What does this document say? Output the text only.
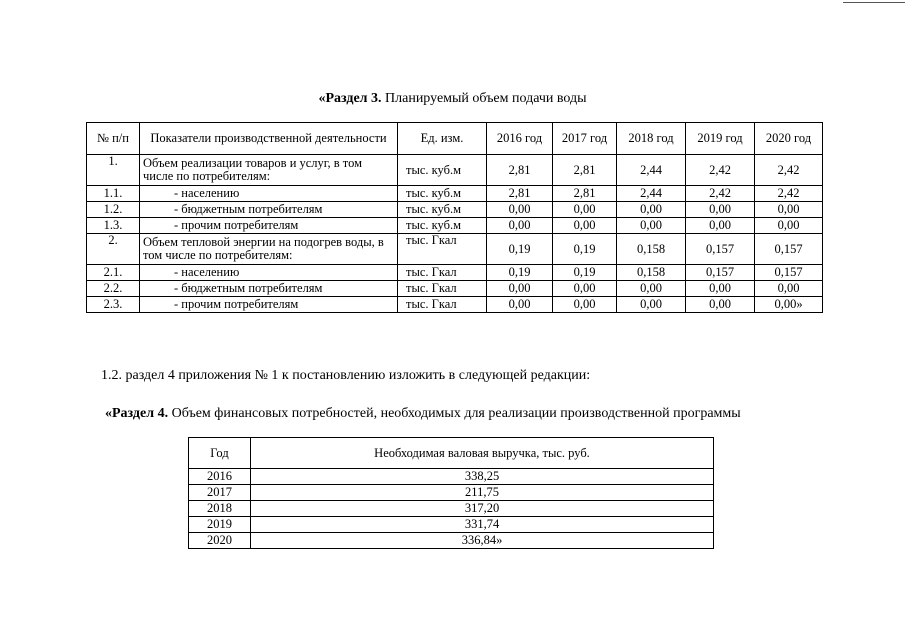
«Раздел 3. Планируемый объем подачи воды
№ п/п	Показатели производственной деятельности	Ед. изм.	2016 год	2017 год	2018 год	2019 год	2020 год
1.	Объем реализации товаров и услуг, в том числе по потребителям:	тыс. куб.м	2,81	2,81	2,44	2,42	2,42
1.1.	- населению	тыс. куб.м	2,81	2,81	2,44	2,42	2,42
1.2.	- бюджетным потребителям	тыс. куб.м	0,00	0,00	0,00	0,00	0,00
1.3.	- прочим потребителям	тыс. куб.м	0,00	0,00	0,00	0,00	0,00
2.	Объем тепловой энергии на подогрев воды, в том числе по потребителям:	тыс. Гкал	0,19	0,19	0,158	0,157	0,157
2.1.	- населению	тыс. Гкал	0,19	0,19	0,158	0,157	0,157
2.2.	- бюджетным потребителям	тыс. Гкал	0,00	0,00	0,00	0,00	0,00
2.3.	- прочим потребителям	тыс. Гкал	0,00	0,00	0,00	0,00	0,00»
1.2. раздел 4 приложения № 1 к постановлению изложить в следующей редакции:
«Раздел 4. Объем финансовых потребностей, необходимых для реализации производственной программы
Год	Необходимая валовая выручка, тыс. руб.
2016	338,25
2017	211,75
2018	317,20
2019	331,74
2020	336,84»
